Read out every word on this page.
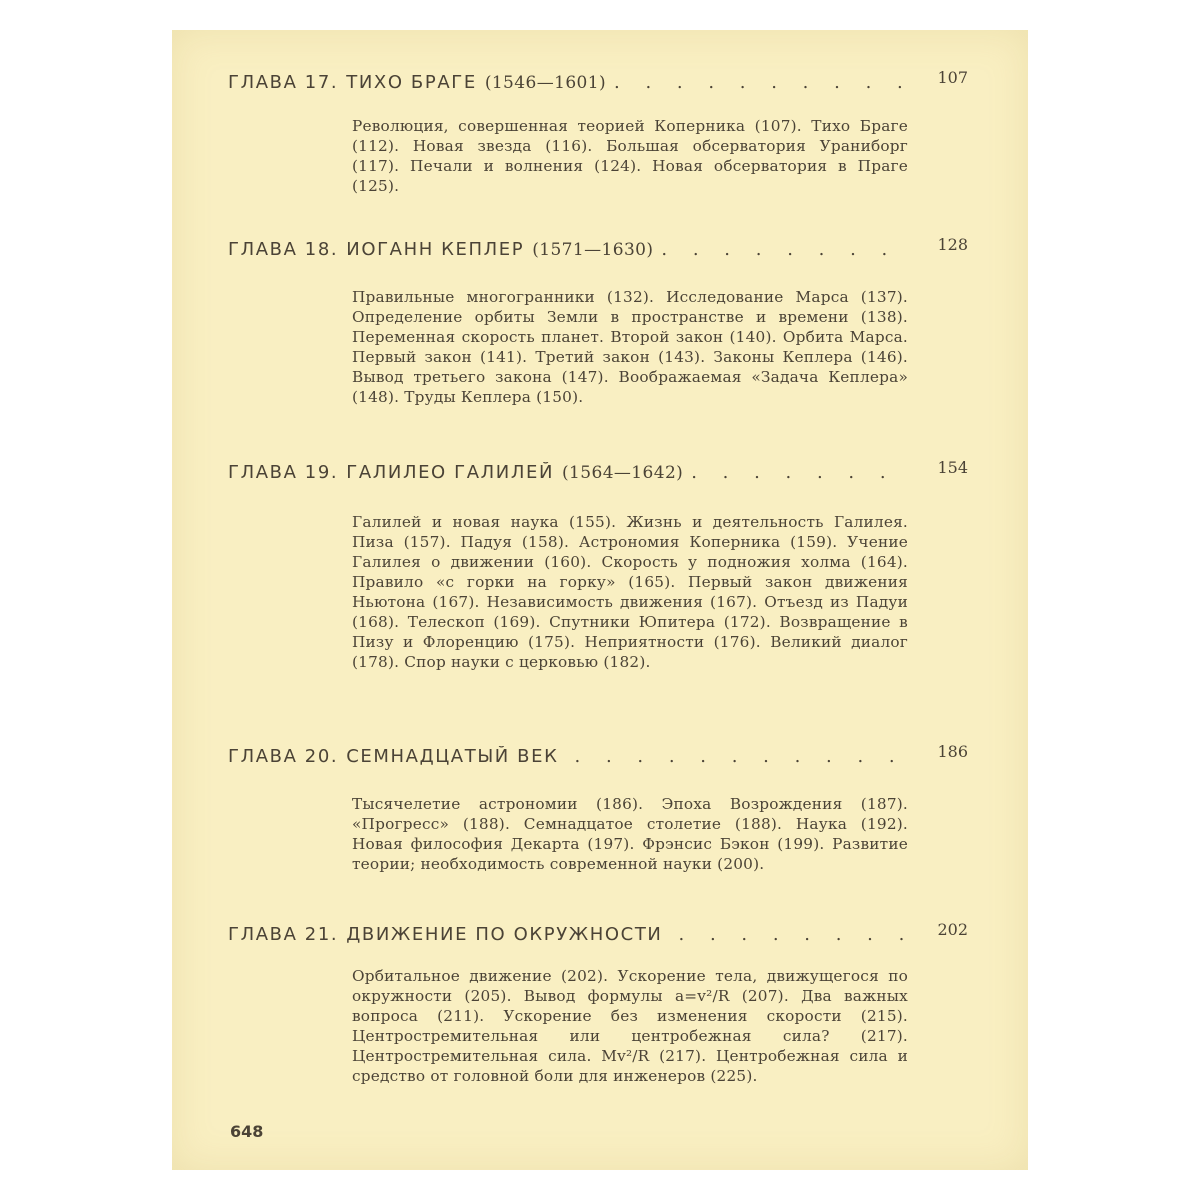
ГЛАВА 17. ТИХО БРАГЕ (1546—1601) . . .	107
Революция, совершенная теорией Коперника (107). Тихо Браге (112). Новая звезда (116). Большая обсерватория Ураниборг (117). Печали и волнения (124). Новая обсерватория в Праге (125).
ГЛАВА 18. ИОГАНН КЕПЛЕР (1571—1630) . . .	128
Правильные многогранники (132). Исследование Марса (137). Определение орбиты Земли в пространстве и времени (138). Переменная скорость планет. Второй закон (140). Орбита Марса. Первый закон (141). Третий закон (143). Законы Кеплера (146). Вывод третьего закона (147). Воображаемая «Задача Кеплера» (148). Труды Кеплера (150).
ГЛАВА 19. ГАЛИЛЕО ГАЛИЛЕЙ (1564—1642) . . .	154
Галилей и новая наука (155). Жизнь и деятельность Галилея. Пиза (157). Падуя (158). Астрономия Коперника (159). Учение Галилея о движении (160). Скорость у подножия холма (164). Правило «с горки на горку» (165). Первый закон движения Ньютона (167). Независимость движения (167). Отъезд из Падуи (168). Телескоп (169). Спутники Юпитера (172). Возвращение в Пизу и Флоренцию (175). Неприятности (176). Великий диалог (178). Спор науки с церковью (182).
ГЛАВА 20. СЕМНАДЦАТЫЙ ВЕК . . .	186
Тысячелетие астрономии (186). Эпоха Возрождения (187). «Прогресс» (188). Семнадцатое столетие (188). Наука (192). Новая философия Декарта (197). Фрэнсис Бэкон (199). Развитие теории; необходимость современной науки (200).
ГЛАВА 21. ДВИЖЕНИЕ ПО ОКРУЖНОСТИ . . .	202
Орбитальное движение (202). Ускорение тела, движущегося по окружности (205). Вывод формулы a=v²/R (207). Два важных вопроса (211). Ускорение без изменения скорости (215). Центростремительная или центробежная сила? (217). Центростремительная сила. Mv²/R (217). Центробежная сила и средство от головной боли для инженеров (225).
648
